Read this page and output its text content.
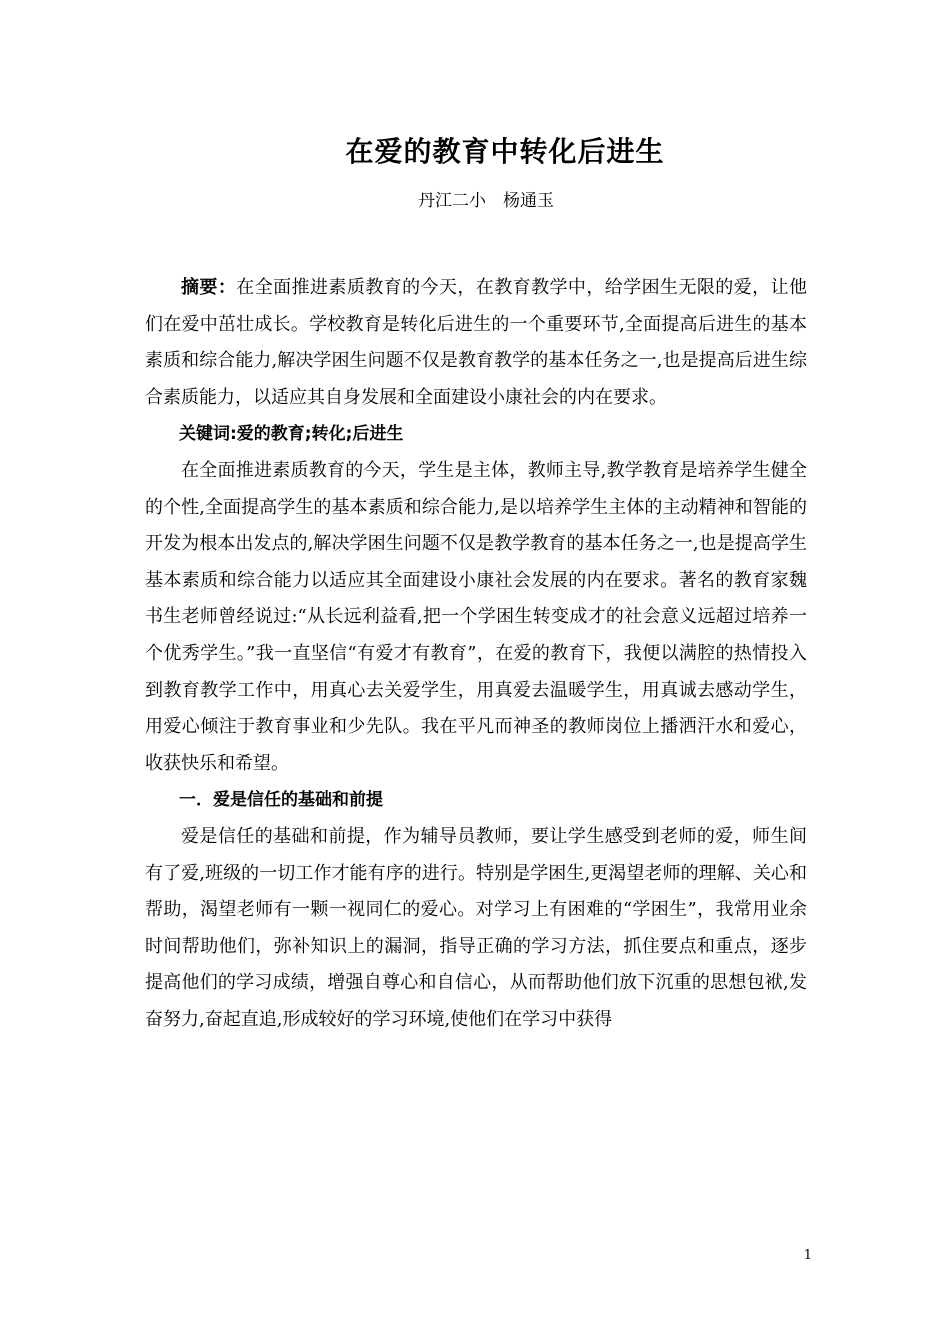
在爱的教育中转化后进生
丹江二小　杨通玉

摘要：在全面推进素质教育的今天，在教育教学中，给学困生无限的爱，让他们在爱中茁壮成长。学校教育是转化后进生的一个重要环节,全面提高后进生的基本素质和综合能力,解决学困生问题不仅是教育教学的基本任务之一,也是提高后进生综合素质能力，以适应其自身发展和全面建设小康社会的内在要求。

关键词:爱的教育;转化;后进生

在全面推进素质教育的今天，学生是主体，教师主导,教学教育是培养学生健全的个性,全面提高学生的基本素质和综合能力,是以培养学生主体的主动精神和智能的开发为根本出发点的,解决学困生问题不仅是教学教育的基本任务之一,也是提高学生基本素质和综合能力以适应其全面建设小康社会发展的内在要求。著名的教育家魏书生老师曾经说过:“从长远利益看,把一个学困生转变成才的社会意义远超过培养一个优秀学生。”我一直坚信“有爱才有教育”，在爱的教育下，我便以满腔的热情投入到教育教学工作中，用真心去关爱学生，用真爱去温暖学生，用真诚去感动学生，用爱心倾注于教育事业和少先队。我在平凡而神圣的教师岗位上播洒汗水和爱心，收获快乐和希望。

一．爱是信任的基础和前提

爱是信任的基础和前提，作为辅导员教师，要让学生感受到老师的爱，师生间有了爱,班级的一切工作才能有序的进行。特别是学困生,更渴望老师的理解、关心和帮助，渴望老师有一颗一视同仁的爱心。对学习上有困难的“学困生”，我常用业余时间帮助他们，弥补知识上的漏洞，指导正确的学习方法，抓住要点和重点，逐步提高他们的学习成绩，增强自尊心和自信心，从而帮助他们放下沉重的思想包袱,发奋努力,奋起直追,形成较好的学习环境,使他们在学习中获得

1
